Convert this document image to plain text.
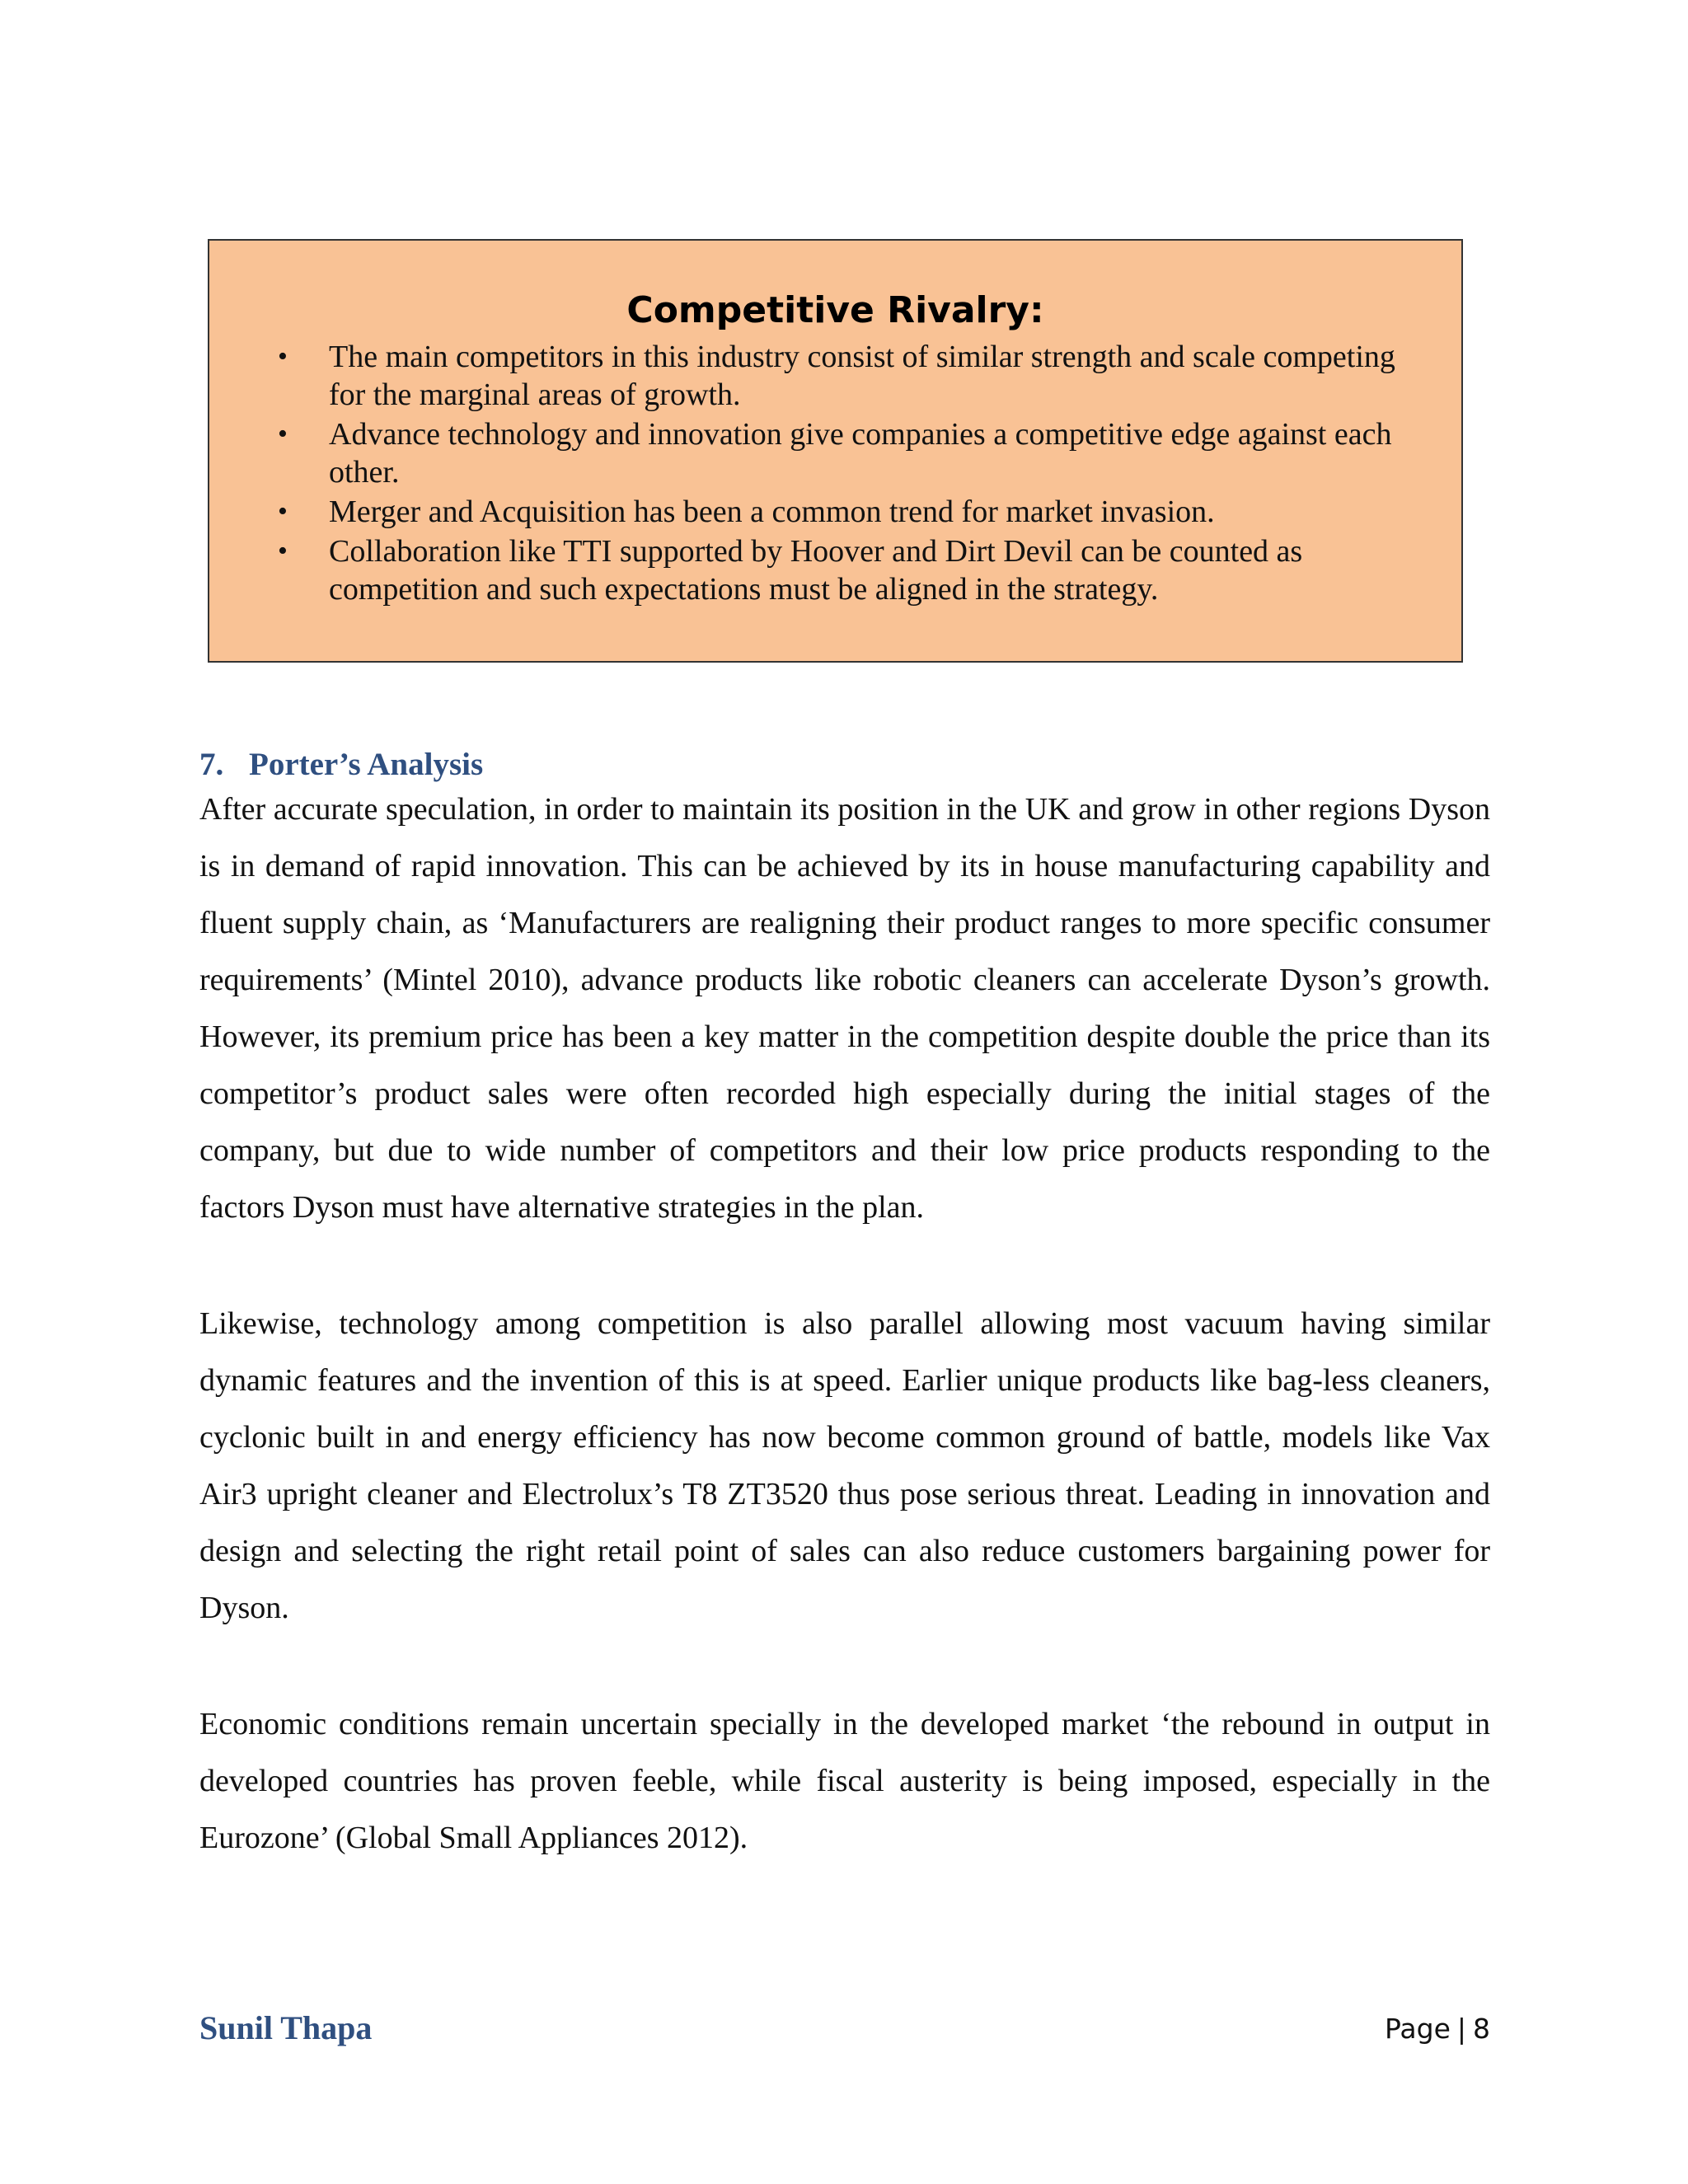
Competitive Rivalry:
• The main competitors in this industry consist of similar strength and scale competing for the marginal areas of growth.
• Advance technology and innovation give companies a competitive edge against each other.
• Merger and Acquisition has been a common trend for market invasion.
• Collaboration like TTI supported by Hoover and Dirt Devil can be counted as competition and such expectations must be aligned in the strategy.
7. Porter’s Analysis

After accurate speculation, in order to maintain its position in the UK and grow in other regions Dyson is in demand of rapid innovation. This can be achieved by its in house manufacturing capability and fluent supply chain, as ‘Manufacturers are realigning their product ranges to more specific consumer requirements’ (Mintel 2010), advance products like robotic cleaners can accelerate Dyson’s growth. However, its premium price has been a key matter in the competition despite double the price than its competitor’s product sales were often recorded high especially during the initial stages of the company, but due to wide number of competitors and their low price products responding to the factors Dyson must have alternative strategies in the plan.

Likewise, technology among competition is also parallel allowing most vacuum having similar dynamic features and the invention of this is at speed. Earlier unique products like bag-less cleaners, cyclonic built in and energy efficiency has now become common ground of battle, models like Vax Air3 upright cleaner and Electrolux’s T8 ZT3520 thus pose serious threat. Leading in innovation and design and selecting the right retail point of sales can also reduce customers bargaining power for Dyson.

Economic conditions remain uncertain specially in the developed market ‘the rebound in output in developed countries has proven feeble, while fiscal austerity is being imposed, especially in the Eurozone’ (Global Small Appliances 2012).

Sunil Thapa	Page | 8
